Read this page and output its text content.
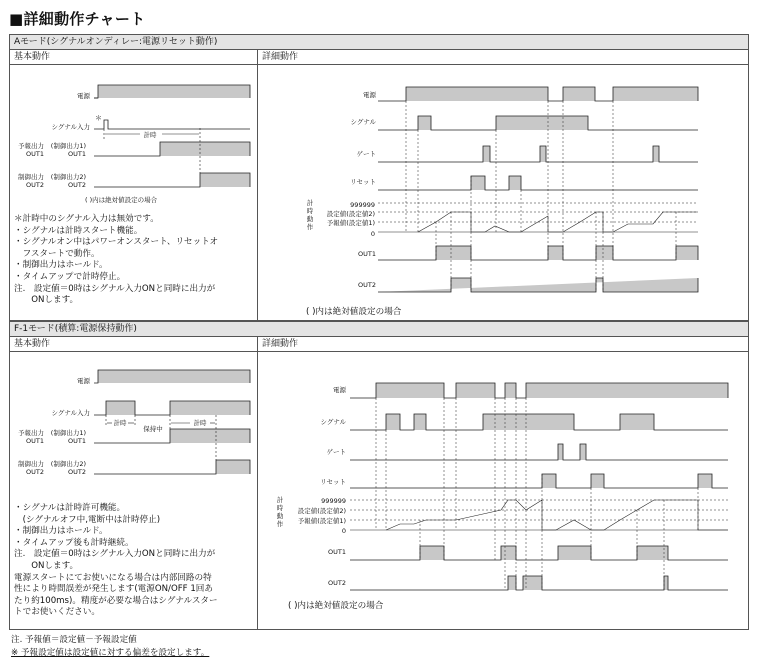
■詳細動作チャート
Aモード(シグナルオンディレー:電源リセット動作)
基本動作	詳細動作
F-1モード(積算:電源保持動作)
基本動作	詳細動作
電源
シグナル入力
＊
予報出力
OUT1
(制御出力1)
OUT1
制御出力
OUT2
(制御出力2)
OUT2
計時
( )内は絶対値設定の場合
＊計時中のシグナル入力は無効です。
・シグナルは計時スタート機能。
・シグナルオン中はパワーオンスタート、リセットオ
　フスタートで動作。
・制御出力はホールド。
・タイムアップで計時停止。
注.　設定値＝0時はシグナル入力ONと同時に出力が
　　ONします。
電源
シグナル
ゲート
リセット
999999
設定値(設定値2)
予報値(設定値1)
0
OUT1
OUT2
計
時
動
作
( )内は絶対値設定の場合
電源
シグナル入力
予報出力
OUT1
(制御出力1)
OUT1
制御出力
OUT2
(制御出力2)
OUT2
計時
保持中
計時
・シグナルは計時許可機能。
　(シグナルオフ中,電断中は計時停止)
・制御出力はホールド。
・タイムアップ後も計時継続。
注.　設定値＝0時はシグナル入力ONと同時に出力が
　　ONします。
電源スタートにてお使いになる場合は内部回路の特
性により時間誤差が発生します(電源ON/OFF 1回あ
たり約100ms)。精度が必要な場合はシグナルスター
トでお使いください。
電源
シグナル
ゲート
リセット
999999
設定値(設定値2)
予報値(設定値1)
0
OUT1
OUT2
計
時
動
作
( )内は絶対値設定の場合
注. 予報値＝設定値－予報設定値
※ 予報設定値は設定値に対する偏差を設定します。
